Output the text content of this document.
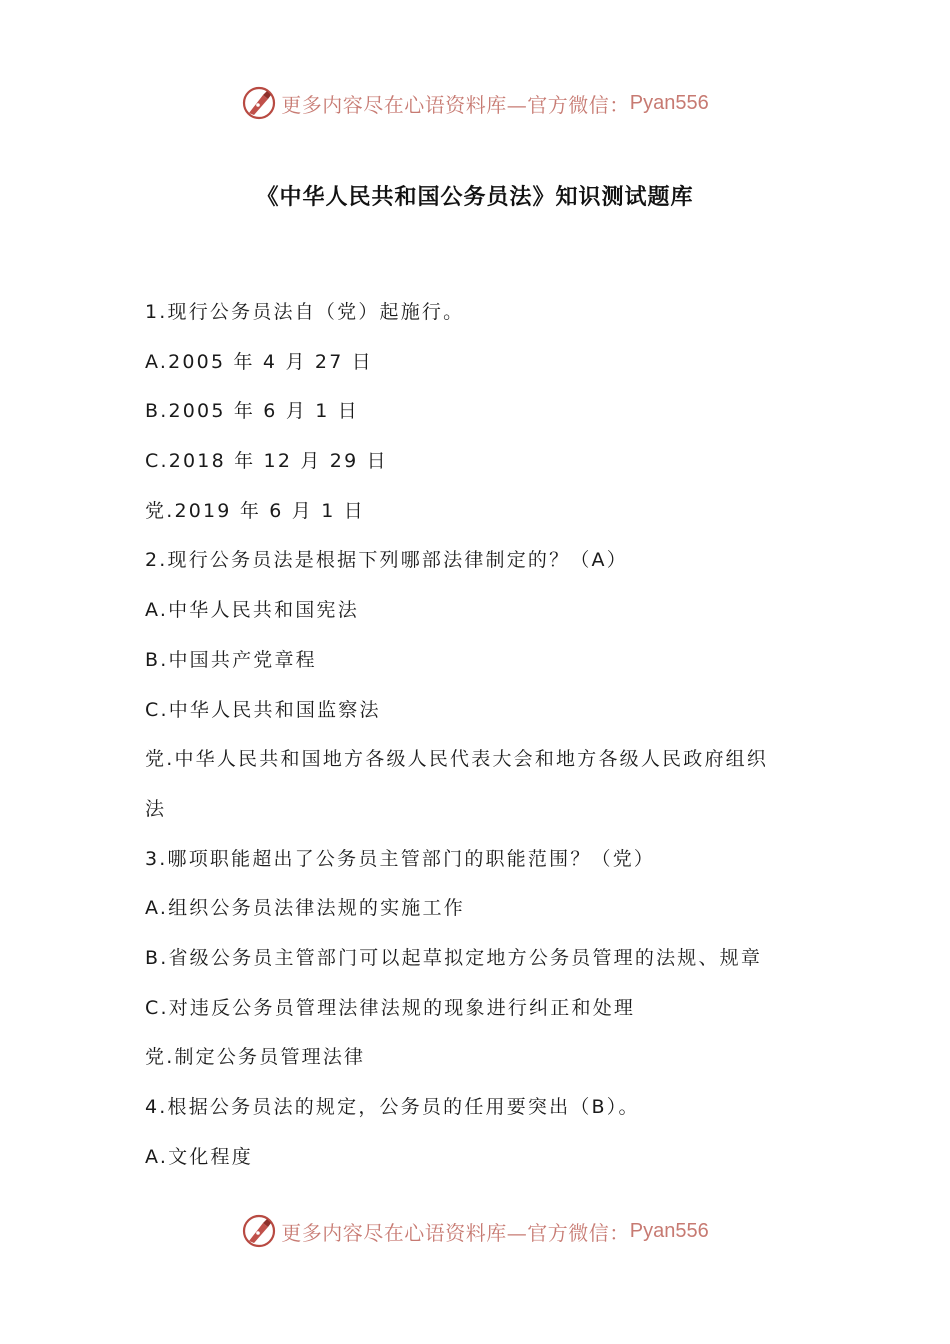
更多内容尽在心语资料库—官方微信： Pyan556
《中华人民共和国公务员法》知识测试题库
1.现行公务员法自（党）起施行。
A.2005 年 4 月 27 日
B.2005 年 6 月 1 日
C.2018 年 12 月 29 日
党.2019 年 6 月 1 日
2.现行公务员法是根据下列哪部法律制定的？（A）
A.中华人民共和国宪法
B.中国共产党章程
C.中华人民共和国监察法
党.中华人民共和国地方各级人民代表大会和地方各级人民政府组织
法
3.哪项职能超出了公务员主管部门的职能范围？（党）
A.组织公务员法律法规的实施工作
B.省级公务员主管部门可以起草拟定地方公务员管理的法规、规章
C.对违反公务员管理法律法规的现象进行纠正和处理
党.制定公务员管理法律
4.根据公务员法的规定，公务员的任用要突出（B）。
A.文化程度
更多内容尽在心语资料库—官方微信： Pyan556
